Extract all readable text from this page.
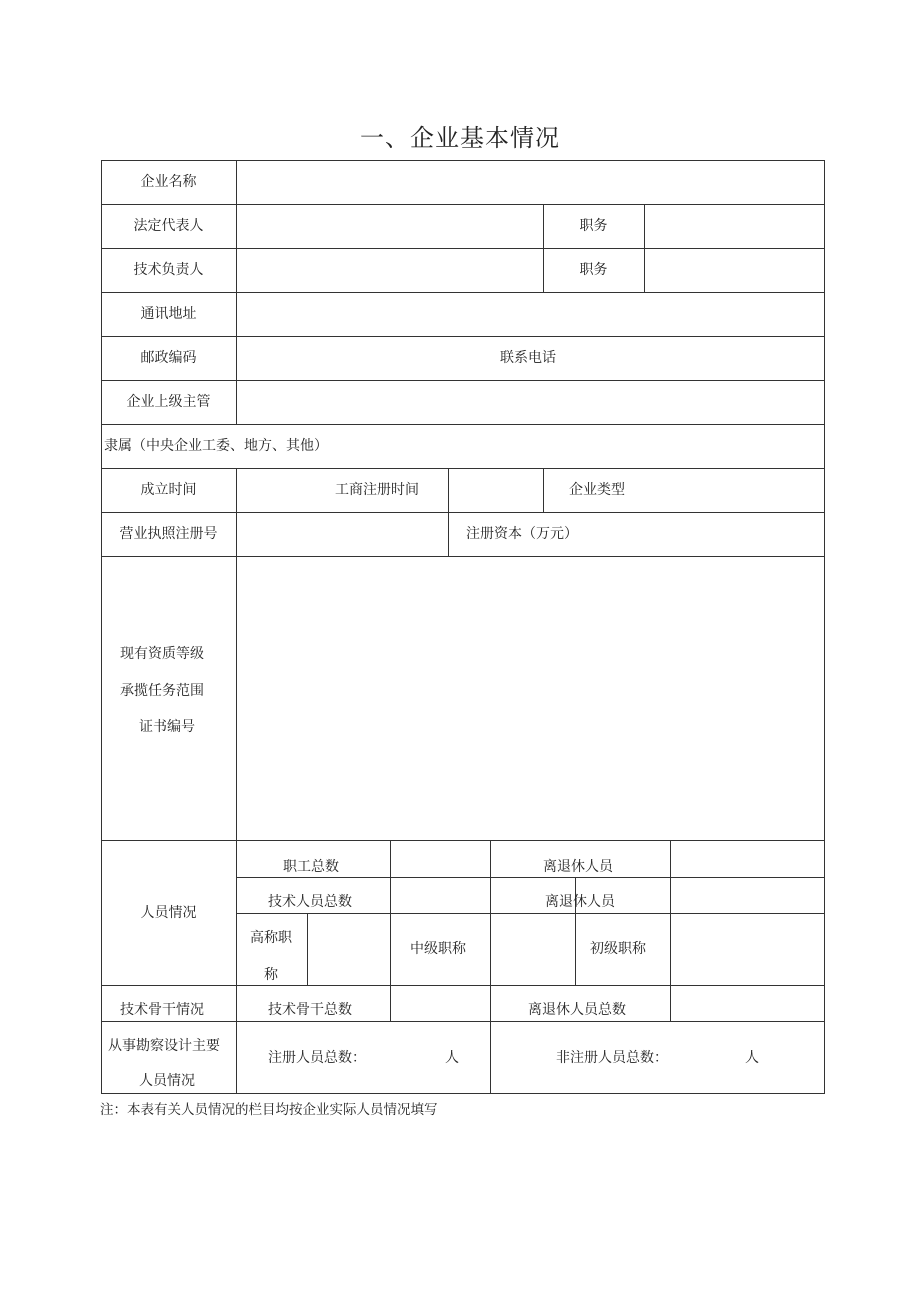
一、企业基本情况
企业名称
法定代表人	职务
技术负责人	职务
通讯地址
邮政编码	联系电话
企业上级主管
隶属（中央企业工委、地方、其他）
成立时间	工商注册时间	企业类型
营业执照注册号	注册资本（万元）
现有资质等级
承揽任务范围
证书编号
人员情况
职工总数	离退休人员
技术人员总数	离退休人员
高称职
称
中级职称	初级职称
技术骨干情况	技术骨干总数	离退休人员总数
从事勘察设计主要
人员情况
注册人员总数：	人	非注册人员总数：	人
注：本表有关人员情况的栏目均按企业实际人员情况填写
